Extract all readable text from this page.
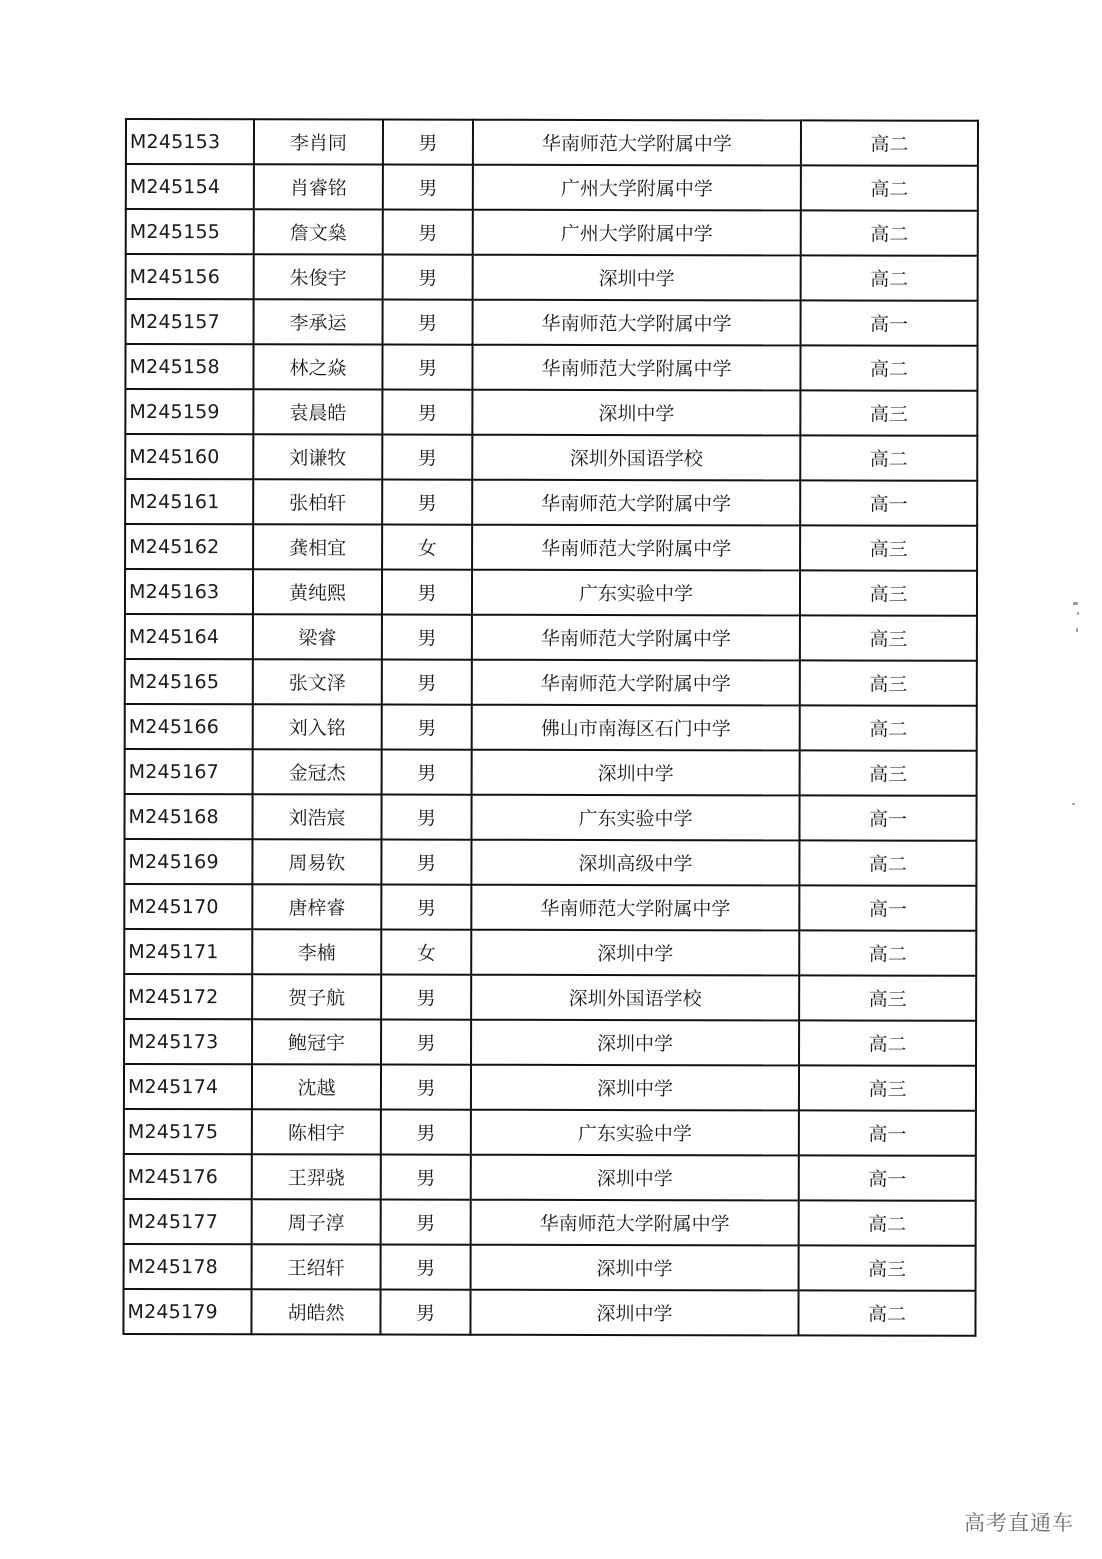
M245153	李肖同	男	华南师范大学附属中学	高二
M245154	肖睿铭	男	广州大学附属中学	高二
M245155	詹文燊	男	广州大学附属中学	高二
M245156	朱俊宇	男	深圳中学	高二
M245157	李承运	男	华南师范大学附属中学	高一
M245158	林之焱	男	华南师范大学附属中学	高二
M245159	袁晨皓	男	深圳中学	高三
M245160	刘谦牧	男	深圳外国语学校	高二
M245161	张柏轩	男	华南师范大学附属中学	高一
M245162	龚相宜	女	华南师范大学附属中学	高三
M245163	黄纯熙	男	广东实验中学	高三
M245164	梁睿	男	华南师范大学附属中学	高三
M245165	张文泽	男	华南师范大学附属中学	高三
M245166	刘入铭	男	佛山市南海区石门中学	高二
M245167	金冠杰	男	深圳中学	高三
M245168	刘浩宸	男	广东实验中学	高一
M245169	周易钦	男	深圳高级中学	高二
M245170	唐梓睿	男	华南师范大学附属中学	高一
M245171	李楠	女	深圳中学	高二
M245172	贺子航	男	深圳外国语学校	高三
M245173	鲍冠宇	男	深圳中学	高二
M245174	沈越	男	深圳中学	高三
M245175	陈相宇	男	广东实验中学	高一
M245176	王羿骁	男	深圳中学	高一
M245177	周子淳	男	华南师范大学附属中学	高二
M245178	王绍轩	男	深圳中学	高三
M245179	胡皓然	男	深圳中学	高二
高考直通车
